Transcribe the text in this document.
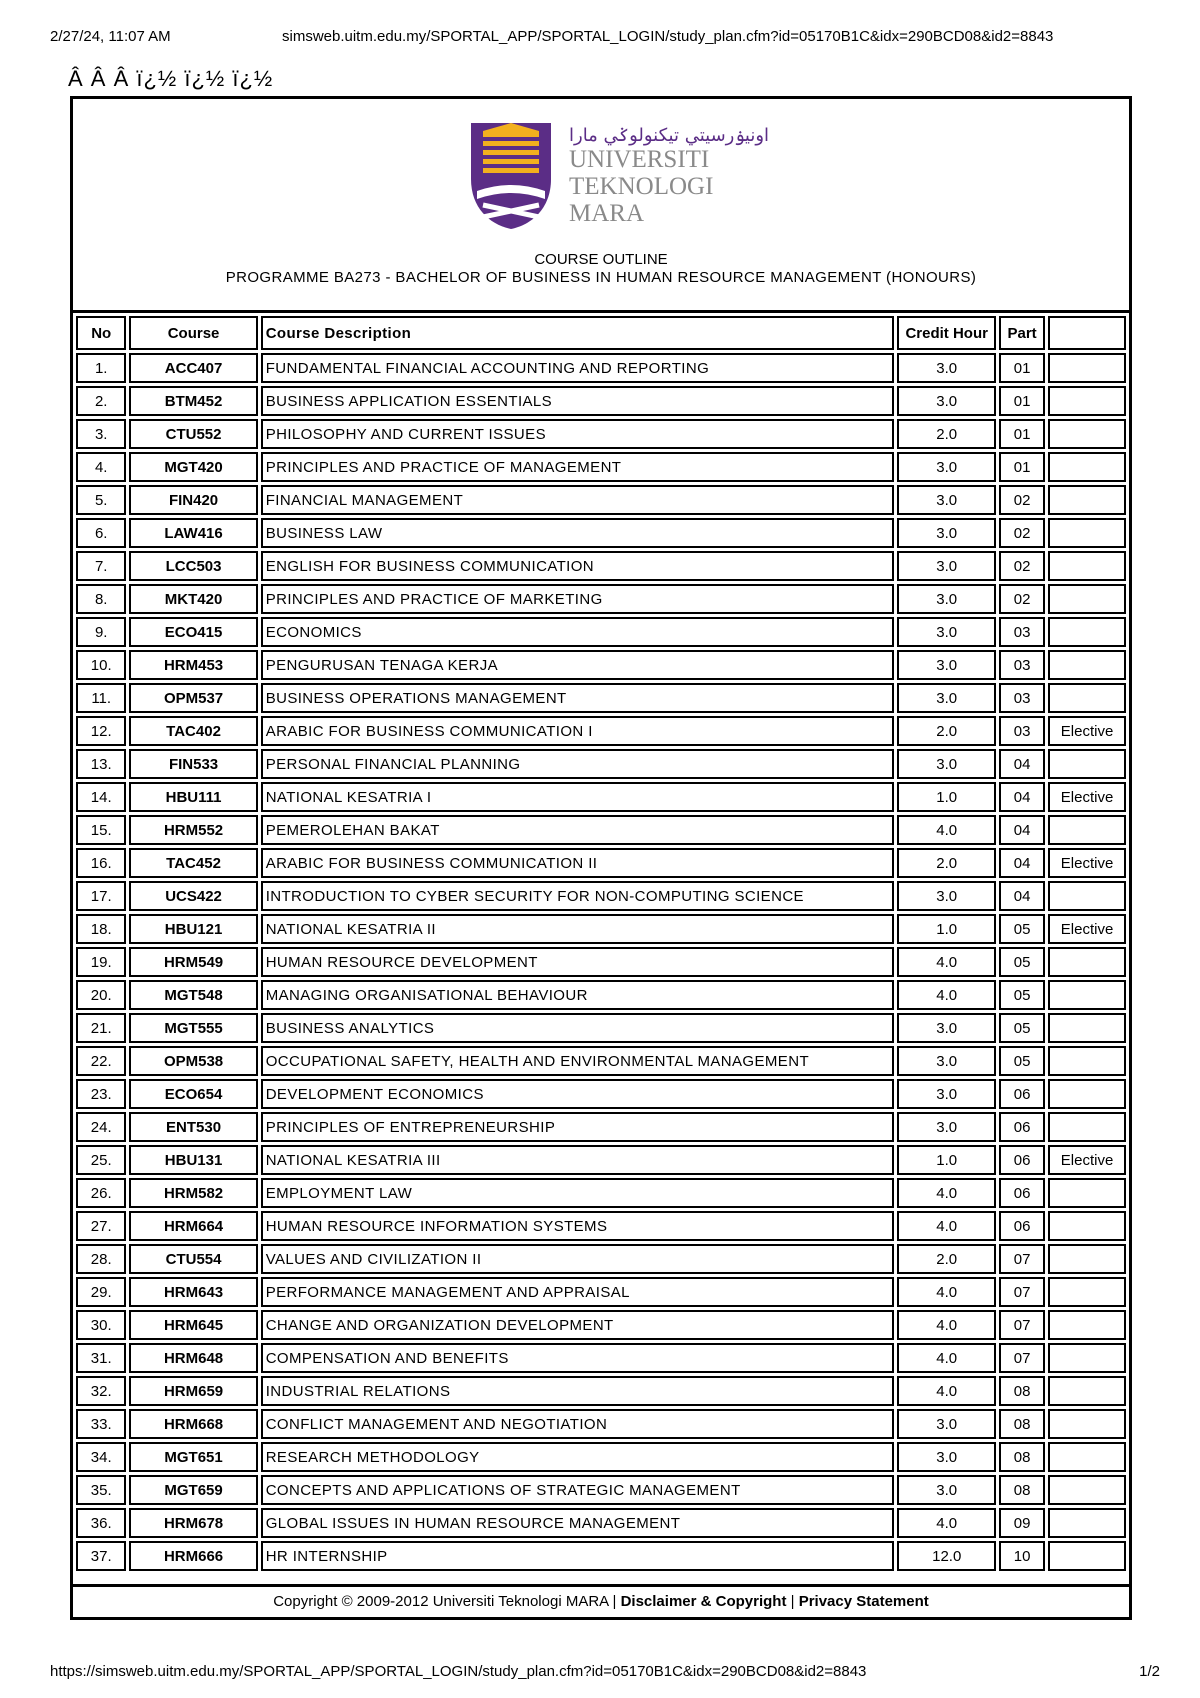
2/27/24, 11:07 AM	simsweb.uitm.edu.my/SPORTAL_APP/SPORTAL_LOGIN/study_plan.cfm?id=05170B1C&idx=290BCD08&id2=8843
Â Â Â ï¿½ ï¿½ ï¿½
اونيۏرسيتي تيکنولوݢي مارا
UNIVERSITI
TEKNOLOGI
MARA
COURSE OUTLINE
PROGRAMME BA273 - BACHELOR OF BUSINESS IN HUMAN RESOURCE MANAGEMENT (HONOURS)
No	Course	Course Description	Credit Hour	Part	
1.	ACC407	FUNDAMENTAL FINANCIAL ACCOUNTING AND REPORTING	3.0	01	
2.	BTM452	BUSINESS APPLICATION ESSENTIALS	3.0	01	
3.	CTU552	PHILOSOPHY AND CURRENT ISSUES	2.0	01	
4.	MGT420	PRINCIPLES AND PRACTICE OF MANAGEMENT	3.0	01	
5.	FIN420	FINANCIAL MANAGEMENT	3.0	02	
6.	LAW416	BUSINESS LAW	3.0	02	
7.	LCC503	ENGLISH FOR BUSINESS COMMUNICATION	3.0	02	
8.	MKT420	PRINCIPLES AND PRACTICE OF MARKETING	3.0	02	
9.	ECO415	ECONOMICS	3.0	03	
10.	HRM453	PENGURUSAN TENAGA KERJA	3.0	03	
11.	OPM537	BUSINESS OPERATIONS MANAGEMENT	3.0	03	
12.	TAC402	ARABIC FOR BUSINESS COMMUNICATION I	2.0	03	Elective
13.	FIN533	PERSONAL FINANCIAL PLANNING	3.0	04	
14.	HBU111	NATIONAL KESATRIA I	1.0	04	Elective
15.	HRM552	PEMEROLEHAN BAKAT	4.0	04	
16.	TAC452	ARABIC FOR BUSINESS COMMUNICATION II	2.0	04	Elective
17.	UCS422	INTRODUCTION TO CYBER SECURITY FOR NON-COMPUTING SCIENCE	3.0	04	
18.	HBU121	NATIONAL KESATRIA II	1.0	05	Elective
19.	HRM549	HUMAN RESOURCE DEVELOPMENT	4.0	05	
20.	MGT548	MANAGING ORGANISATIONAL BEHAVIOUR	4.0	05	
21.	MGT555	BUSINESS ANALYTICS	3.0	05	
22.	OPM538	OCCUPATIONAL SAFETY, HEALTH AND ENVIRONMENTAL MANAGEMENT	3.0	05	
23.	ECO654	DEVELOPMENT ECONOMICS	3.0	06	
24.	ENT530	PRINCIPLES OF ENTREPRENEURSHIP	3.0	06	
25.	HBU131	NATIONAL KESATRIA III	1.0	06	Elective
26.	HRM582	EMPLOYMENT LAW	4.0	06	
27.	HRM664	HUMAN RESOURCE INFORMATION SYSTEMS	4.0	06	
28.	CTU554	VALUES AND CIVILIZATION II	2.0	07	
29.	HRM643	PERFORMANCE MANAGEMENT AND APPRAISAL	4.0	07	
30.	HRM645	CHANGE AND ORGANIZATION DEVELOPMENT	4.0	07	
31.	HRM648	COMPENSATION AND BENEFITS	4.0	07	
32.	HRM659	INDUSTRIAL RELATIONS	4.0	08	
33.	HRM668	CONFLICT MANAGEMENT AND NEGOTIATION	3.0	08	
34.	MGT651	RESEARCH METHODOLOGY	3.0	08	
35.	MGT659	CONCEPTS AND APPLICATIONS OF STRATEGIC MANAGEMENT	3.0	08	
36.	HRM678	GLOBAL ISSUES IN HUMAN RESOURCE MANAGEMENT	4.0	09	
37.	HRM666	HR INTERNSHIP	12.0	10	
Copyright © 2009-2012 Universiti Teknologi MARA | Disclaimer & Copyright | Privacy Statement
https://simsweb.uitm.edu.my/SPORTAL_APP/SPORTAL_LOGIN/study_plan.cfm?id=05170B1C&idx=290BCD08&id2=8843	1/2
